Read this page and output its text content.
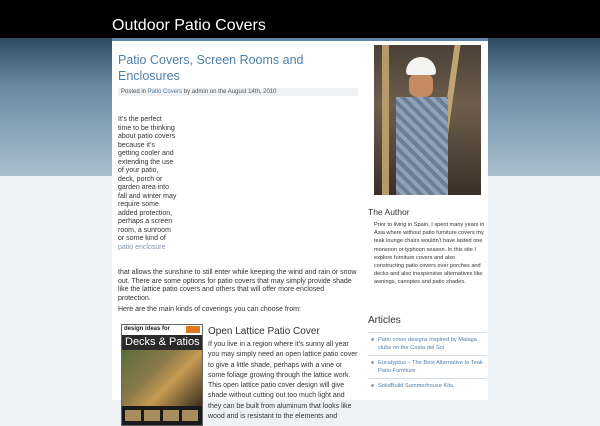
Outdoor Patio Covers
Patio Covers, Screen Rooms and Enclosures
Posted in Patio Covers by admin on the August 14th, 2010
It’s the perfect
time to be thinking
about patio covers
because it’s
getting cooler and
extending the use
of your patio,
deck, porch or
garden area into
fall and winter may
require some
added protection,
perhaps a screen
room, a sunroom
or some kind of
patio enclosure
that allows the sunshine to still enter while keeping the wind and rain or snow out. There are some options for patio covers that may simply provide shade like the lattice patio covers and others that will offer more enclosed protection.
Here are the main kinds of coverings you can choose from:
design ideas for
Decks & Patios
Open Lattice Patio Cover
If you live in a region where it’s sunny all year you may simply need an open lattice patio cover to give a little shade, perhaps with a vine or some foliage growing through the lattice work. This open lattice patio cover design will give shade without cutting out too much light and they can be built from aluminum that looks like wood and is resistant to the elements and
The Author
Prior to living in Spain, I spent many years in Asia where without patio furniture covers my teak lounge chairs wouldn’t have lasted one monsoon or typhoon season. In this site I explore furniture covers and also constructing patio covers over porches and decks and also inexpensive alternatives like awnings, canopies and patio shades.
Articles
Patio cover designs inspired by Malaga clubs on the Costa del Sol
Eucalyptus – The Best Alternative to Teak Patio Furniture
SolidBuild Summerhouse Kits,
